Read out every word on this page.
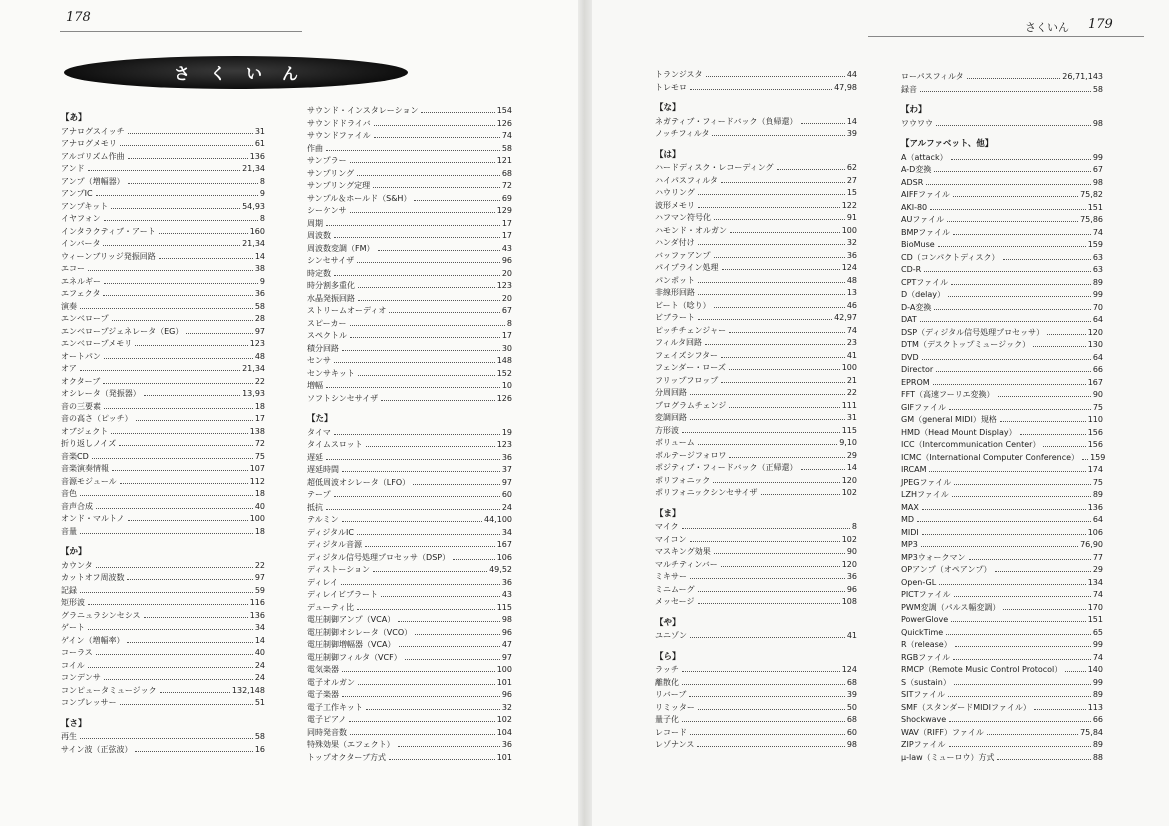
178
さくいん
さくいん 179
【あ】
アナログスイッチ	31
アナログメモリ	61
アルゴリズム作曲	136
アンド	21,34
アンプ（増幅器）	8
アンプIC	9
アンプキット	54,93
イヤフォン	8
インタラクティブ・アート	160
インバータ	21,34
ウィーンブリッジ発振回路	14
エコー	38
エネルギー	9
エフェクタ	36
演奏	58
エンベロープ	28
エンベロープジェネレータ（EG）	97
エンベロープメモリ	123
オートパン	48
オア	21,34
オクターブ	22
オシレータ（発振器）	13,93
音の三要素	18
音の高さ（ピッチ）	17
オブジェクト	138
折り返しノイズ	72
音楽CD	75
音楽演奏情報	107
音源モジュール	112
音色	18
音声合成	40
オンド・マルトノ	100
音量	18
【か】
カウンタ	22
カットオフ周波数	97
記録	59
矩形波	116
グラニュラシンセシス	136
ゲート	34
ゲイン（増幅率）	14
コーラス	40
コイル	24
コンデンサ	24
コンピュータミュージック	132,148
コンプレッサー	51
【さ】
再生	58
サイン波（正弦波）	16
サウンド・インスタレーション	154
サウンドドライバ	126
サウンドファイル	74
作曲	58
サンプラー	121
サンプリング	68
サンプリング定理	72
サンプル＆ホールド（S&H）	69
シーケンサ	129
周期	17
周波数	17
周波数変調（FM）	43
シンセサイザ	96
時定数	20
時分割多重化	123
水晶発振回路	20
ストリームオーディオ	67
スピーカー	8
スペクトル	17
積分回路	30
センサ	148
センサキット	152
増幅	10
ソフトシンセサイザ	126
【た】
タイマ	19
タイムスロット	123
遅延	36
遅延時間	37
超低周波オシレータ（LFO）	97
テープ	60
抵抗	24
テルミン	44,100
ディジタルIC	34
ディジタル音源	167
ディジタル信号処理プロセッサ（DSP）	106
ディストーション	49,52
ディレイ	36
ディレイビブラート	43
デューティ比	115
電圧制御アンプ（VCA）	98
電圧制御オシレータ（VCO）	96
電圧制御増幅器（VCA）	47
電圧制御フィルタ（VCF）	97
電気楽器	100
電子オルガン	101
電子楽器	96
電子工作キット	32
電子ピアノ	102
同時発音数	104
特殊効果（エフェクト）	36
トップオクターブ方式	101
トランジスタ	44
トレモロ	47,98
【な】
ネガティブ・フィードバック（負帰還）	14
ノッチフィルタ	39
【は】
ハードディスク・レコーディング	62
ハイパスフィルタ	27
ハウリング	15
波形メモリ	122
ハフマン符号化	91
ハモンド・オルガン	100
ハンダ付け	32
バッファアンプ	36
パイプライン処理	124
パンポット	48
非線形回路	13
ビート（唸り）	46
ビブラート	42,97
ピッチチェンジャー	74
フィルタ回路	23
フェイズシフター	41
フェンダー・ローズ	100
フリップフロップ	21
分周回路	22
プログラムチェンジ	111
変調回路	31
方形波	115
ボリューム	9,10
ボルテージフォロワ	29
ポジティブ・フィードバック（正帰還）	14
ポリフォニック	120
ポリフォニックシンセサイザ	102
【ま】
マイク	8
マイコン	102
マスキング効果	90
マルチティンバー	120
ミキサー	36
ミニムーグ	96
メッセージ	108
【や】
ユニゾン	41
【ら】
ラッチ	124
離散化	68
リバーブ	39
リミッター	50
量子化	68
レコード	60
レゾナンス	98
ローパスフィルタ	26,71,143
録音	58
【わ】
ワウワウ	98
【アルファベット、他】
A（attack）	99
A-D変換	67
ADSR	98
AIFFファイル	75,82
AKI-80	151
AUファイル	75,86
BMPファイル	74
BioMuse	159
CD（コンパクトディスク）	63
CD-R	63
CPTファイル	89
D（delay）	99
D-A変換	70
DAT	64
DSP（ディジタル信号処理プロセッサ）	120
DTM（デスクトップミュージック）	130
DVD	64
Director	66
EPROM	167
FFT（高速フーリエ変換）	90
GIFファイル	75
GM（general MIDI）規格	110
HMD（Head Mount Display）	156
ICC（Intercommunication Center）	156
ICMC（International Computer Conference） 159
IRCAM	174
JPEGファイル	75
LZHファイル	89
MAX	136
MD	64
MIDI	106
MP3	76,90
MP3ウォークマン	77
OPアンプ（オペアンプ）	29
Open-GL	134
PICTファイル	74
PWM変調（パルス幅変調）	170
PowerGlove	151
QuickTime	65
R（release）	99
RGBファイル	74
RMCP（Remote Music Control Protocol）	140
S（sustain）	99
SITファイル	89
SMF（スタンダードMIDIファイル）	113
Shockwave	66
WAV（RIFF）ファイル	75,84
ZIPファイル	89
μ-law（ミューロウ）方式	88
